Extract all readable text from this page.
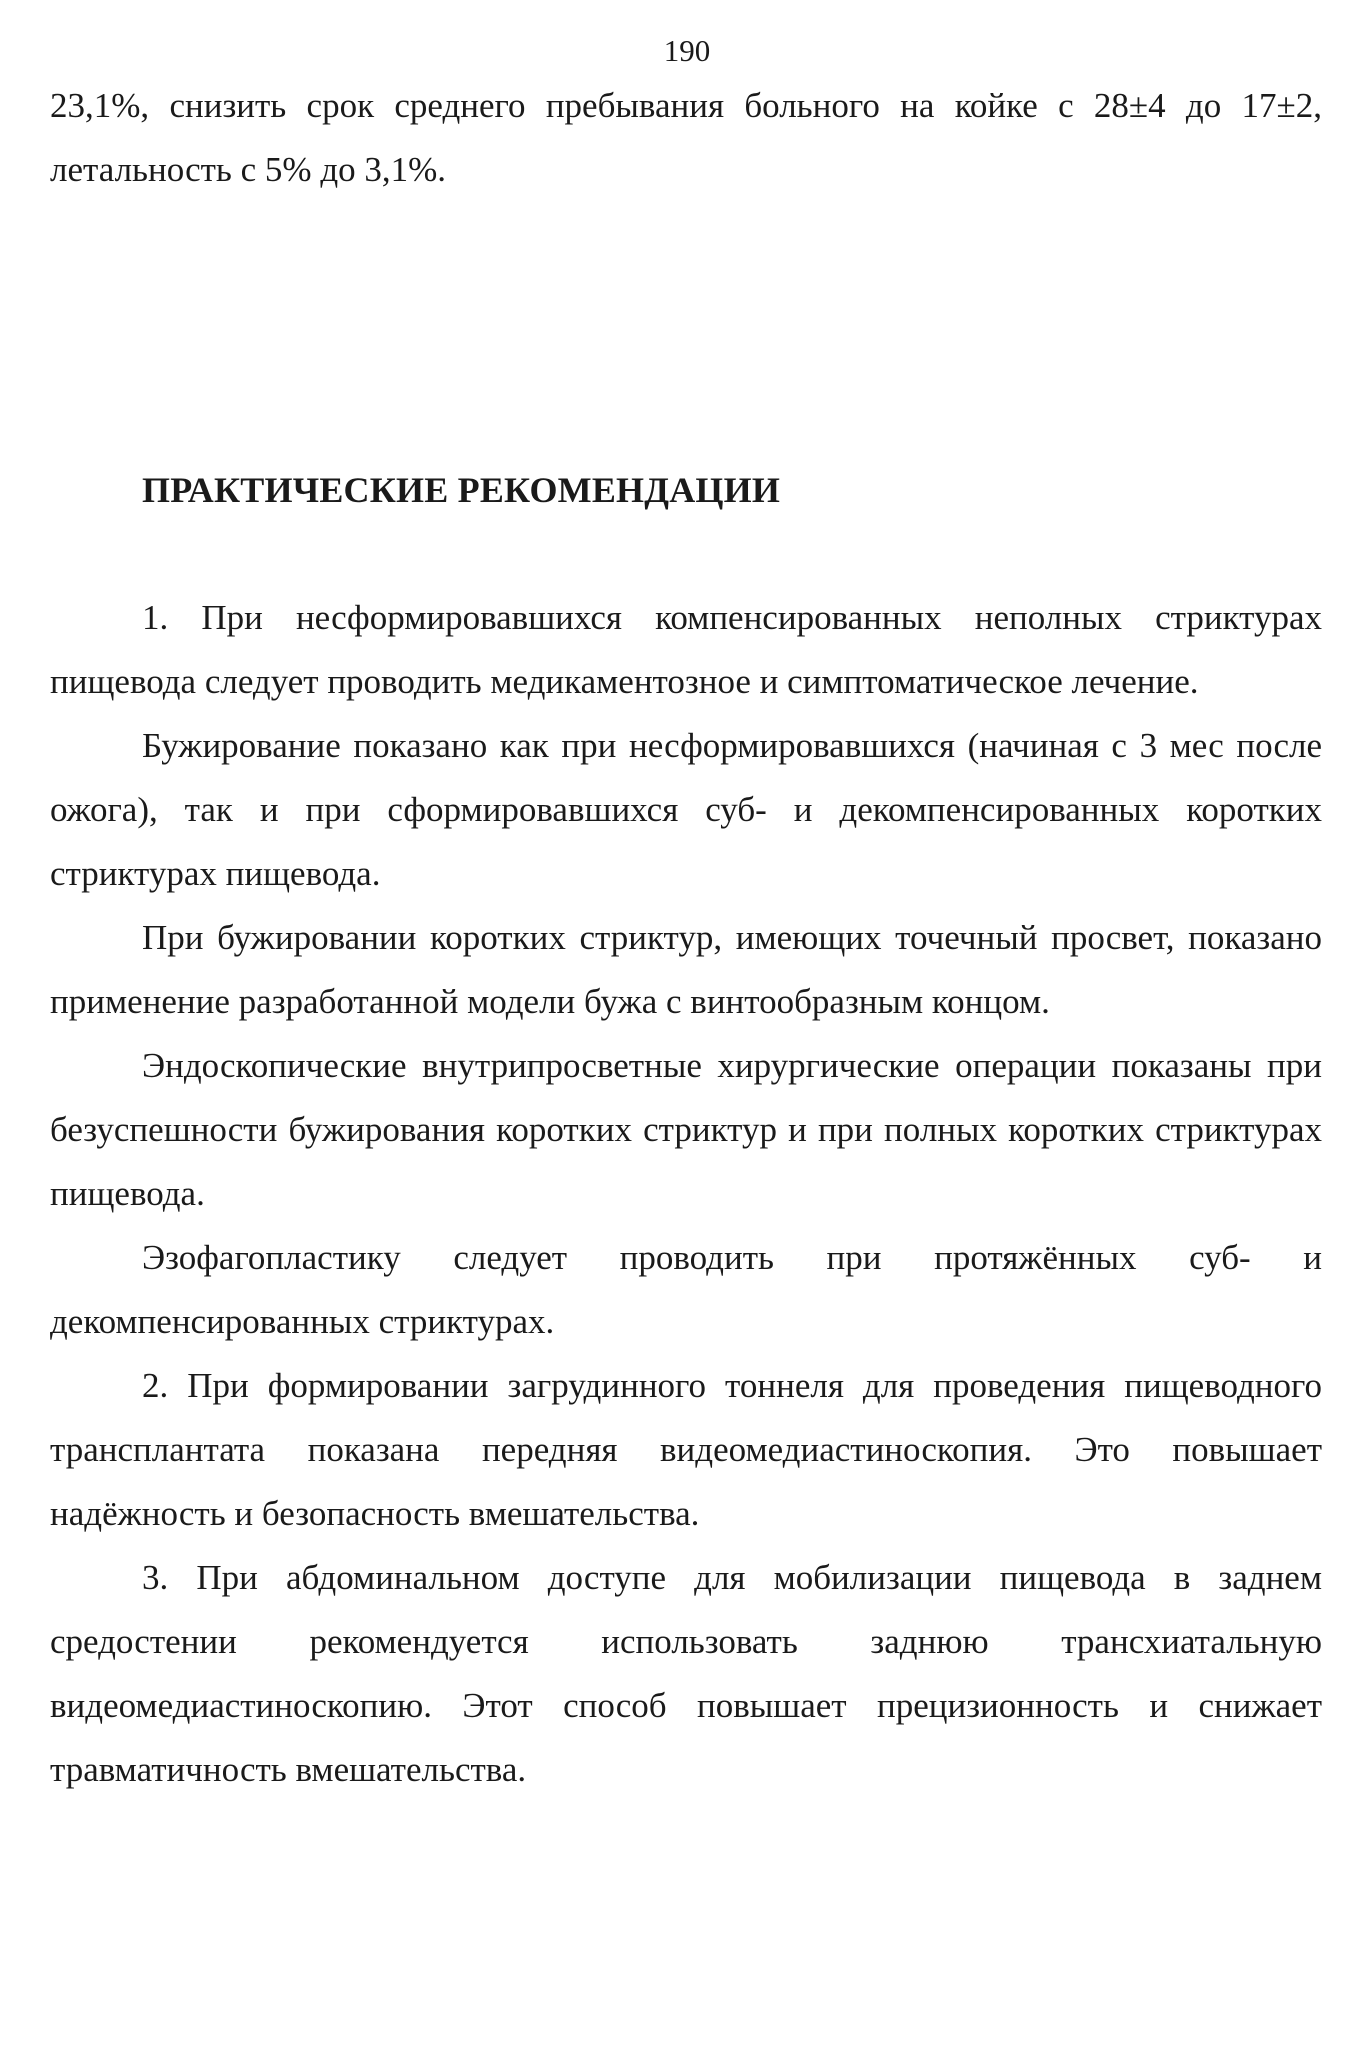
190

23,1%, снизить срок среднего пребывания больного на койке с 28±4 до 17±2, летальность с 5% до 3,1%.

ПРАКТИЧЕСКИЕ РЕКОМЕНДАЦИИ

1. При несформировавшихся компенсированных неполных стриктурах пищевода следует проводить медикаментозное и симптоматическое лечение.

Бужирование показано как при несформировавшихся (начиная с 3 мес после ожога), так и при сформировавшихся суб- и декомпенсированных коротких стриктурах пищевода.

При бужировании коротких стриктур, имеющих точечный просвет, показано применение разработанной модели бужа с винтообразным концом.

Эндоскопические внутрипросветные хирургические операции показаны при безуспешности бужирования коротких стриктур и при полных коротких стриктурах пищевода.

Эзофагопластику следует проводить при протяжённых суб- и декомпенсированных стриктурах.

2. При формировании загрудинного тоннеля для проведения пищеводного трансплантата показана передняя видеомедиастиноскопия. Это повышает надёжность и безопасность вмешательства.

3. При абдоминальном доступе для мобилизации пищевода в заднем средостении рекомендуется использовать заднюю трансхиатальную видеомедиастиноскопию. Этот способ повышает прецизионность и снижает травматичность вмешательства.
